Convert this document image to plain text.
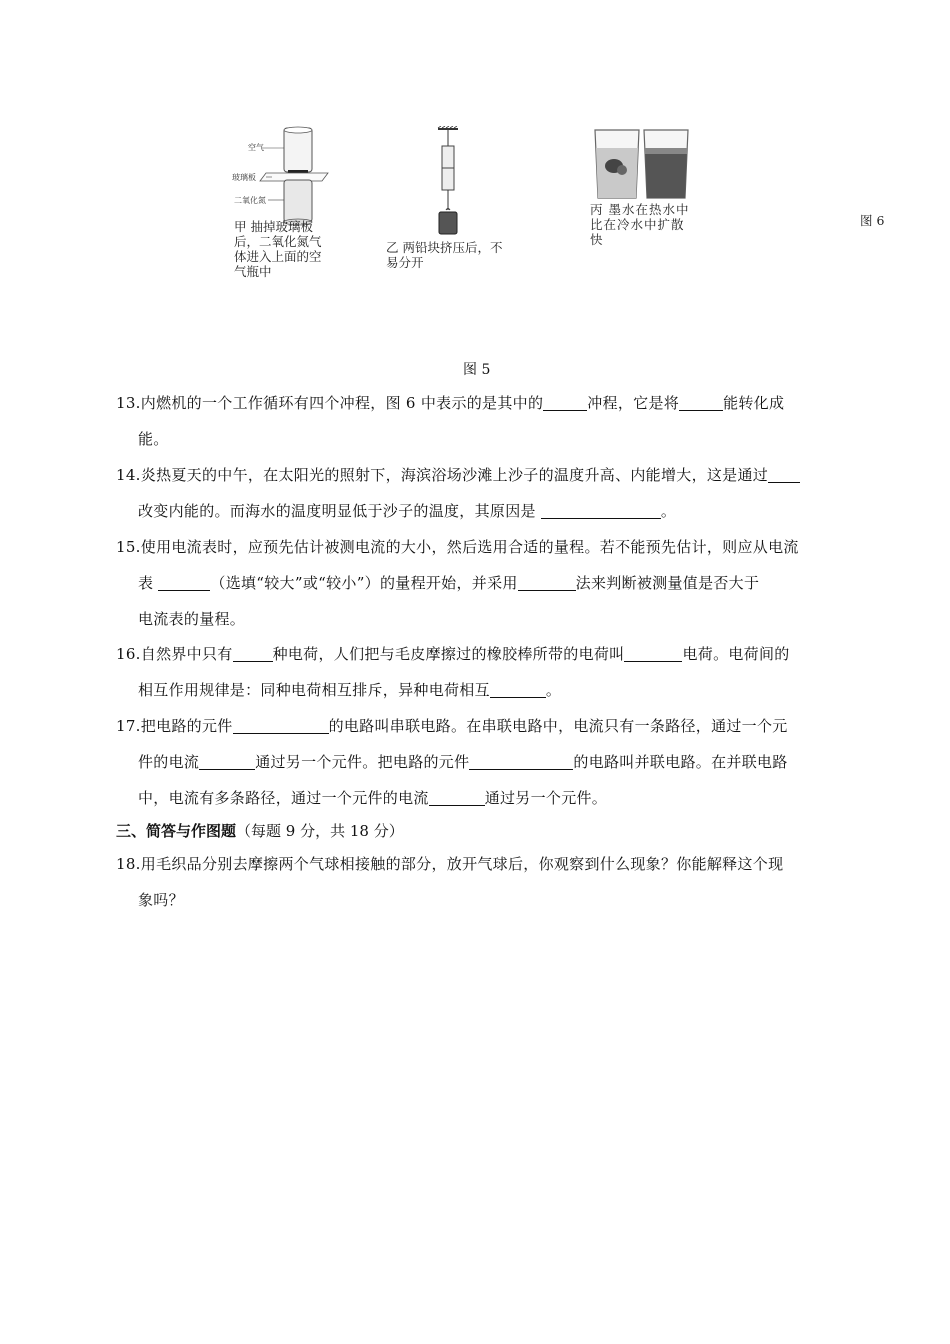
空气
玻璃板
二氧化氮
甲 抽掉玻璃板后，二氧化氮气体进入上面的空气瓶中
乙 两铅块挤压后，不易分开
丙 墨水在热水中比在冷水中扩散快
图 6
图 5
13.内燃机的一个工作循环有四个冲程，图 6 中表示的是其中的	冲程，它是将	能转化成
能。
14.炎热夏天的中午，在太阳光的照射下，海滨浴场沙滩上沙子的温度升高、内能增大，这是通过
改变内能的。而海水的温度明显低于沙子的温度，其原因是	。
15.使用电流表时，应预先估计被测电流的大小，然后选用合适的量程。若不能预先估计，则应从电流
表	（选填“较大”或“较小”）的量程开始，并采用	法来判断被测量值是否大于
电流表的量程。
16.自然界中只有	种电荷，人们把与毛皮摩擦过的橡胶棒所带的电荷叫	电荷。电荷间的
相互作用规律是：同种电荷相互排斥，异种电荷相互	。
17.把电路的元件	的电路叫串联电路。在串联电路中，电流只有一条路径，通过一个元
件的电流	通过另一个元件。把电路的元件	的电路叫并联电路。在并联电路
中，电流有多条路径，通过一个元件的电流	通过另一个元件。
三、简答与作图题（每题 9 分，共 18 分）
18.用毛织品分别去摩擦两个气球相接触的部分，放开气球后，你观察到什么现象？你能解释这个现
象吗？
